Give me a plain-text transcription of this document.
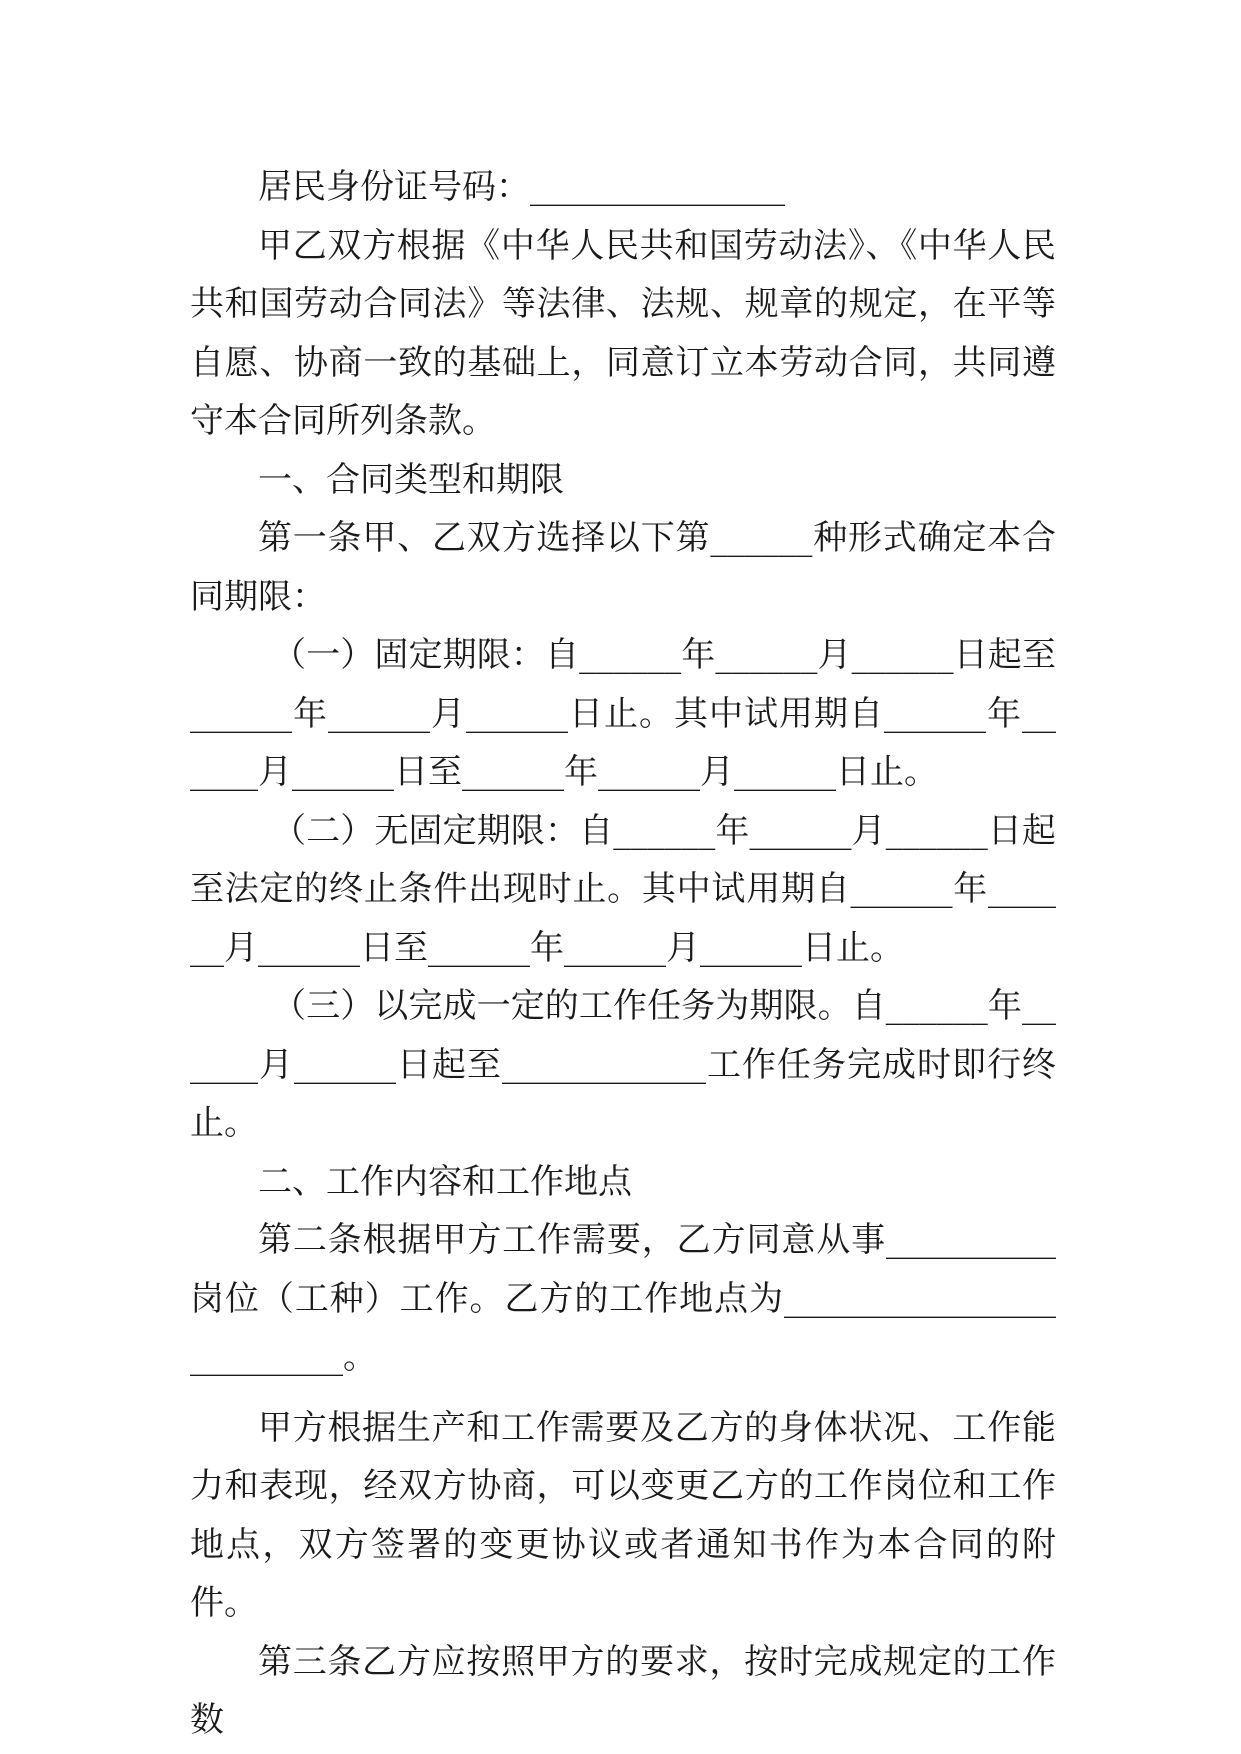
居民身份证号码：_______________

甲乙双方根据《中华人民共和国劳动法》、《中华人民共和国劳动合同法》等法律、法规、规章的规定，在平等自愿、协商一致的基础上，同意订立本劳动合同，共同遵守本合同所列条款。

一、合同类型和期限

第一条甲、乙双方选择以下第______种形式确定本合同期限：

（一）固定期限：自______年______月______日起至______年______月______日止。其中试用期自______年______月______日至______年______月______日止。

（二）无固定期限：自______年______月______日起至法定的终止条件出现时止。其中试用期自______年______月______日至______年______月______日止。

（三）以完成一定的工作任务为期限。自______年______月______日起至____________工作任务完成时即行终止。

二、工作内容和工作地点

第二条根据甲方工作需要，乙方同意从事__________岗位（工种）工作。乙方的工作地点为_________________________。

甲方根据生产和工作需要及乙方的身体状况、工作能力和表现，经双方协商，可以变更乙方的工作岗位和工作地点，双方签署的变更协议或者通知书作为本合同的附件。

第三条乙方应按照甲方的要求，按时完成规定的工作数
